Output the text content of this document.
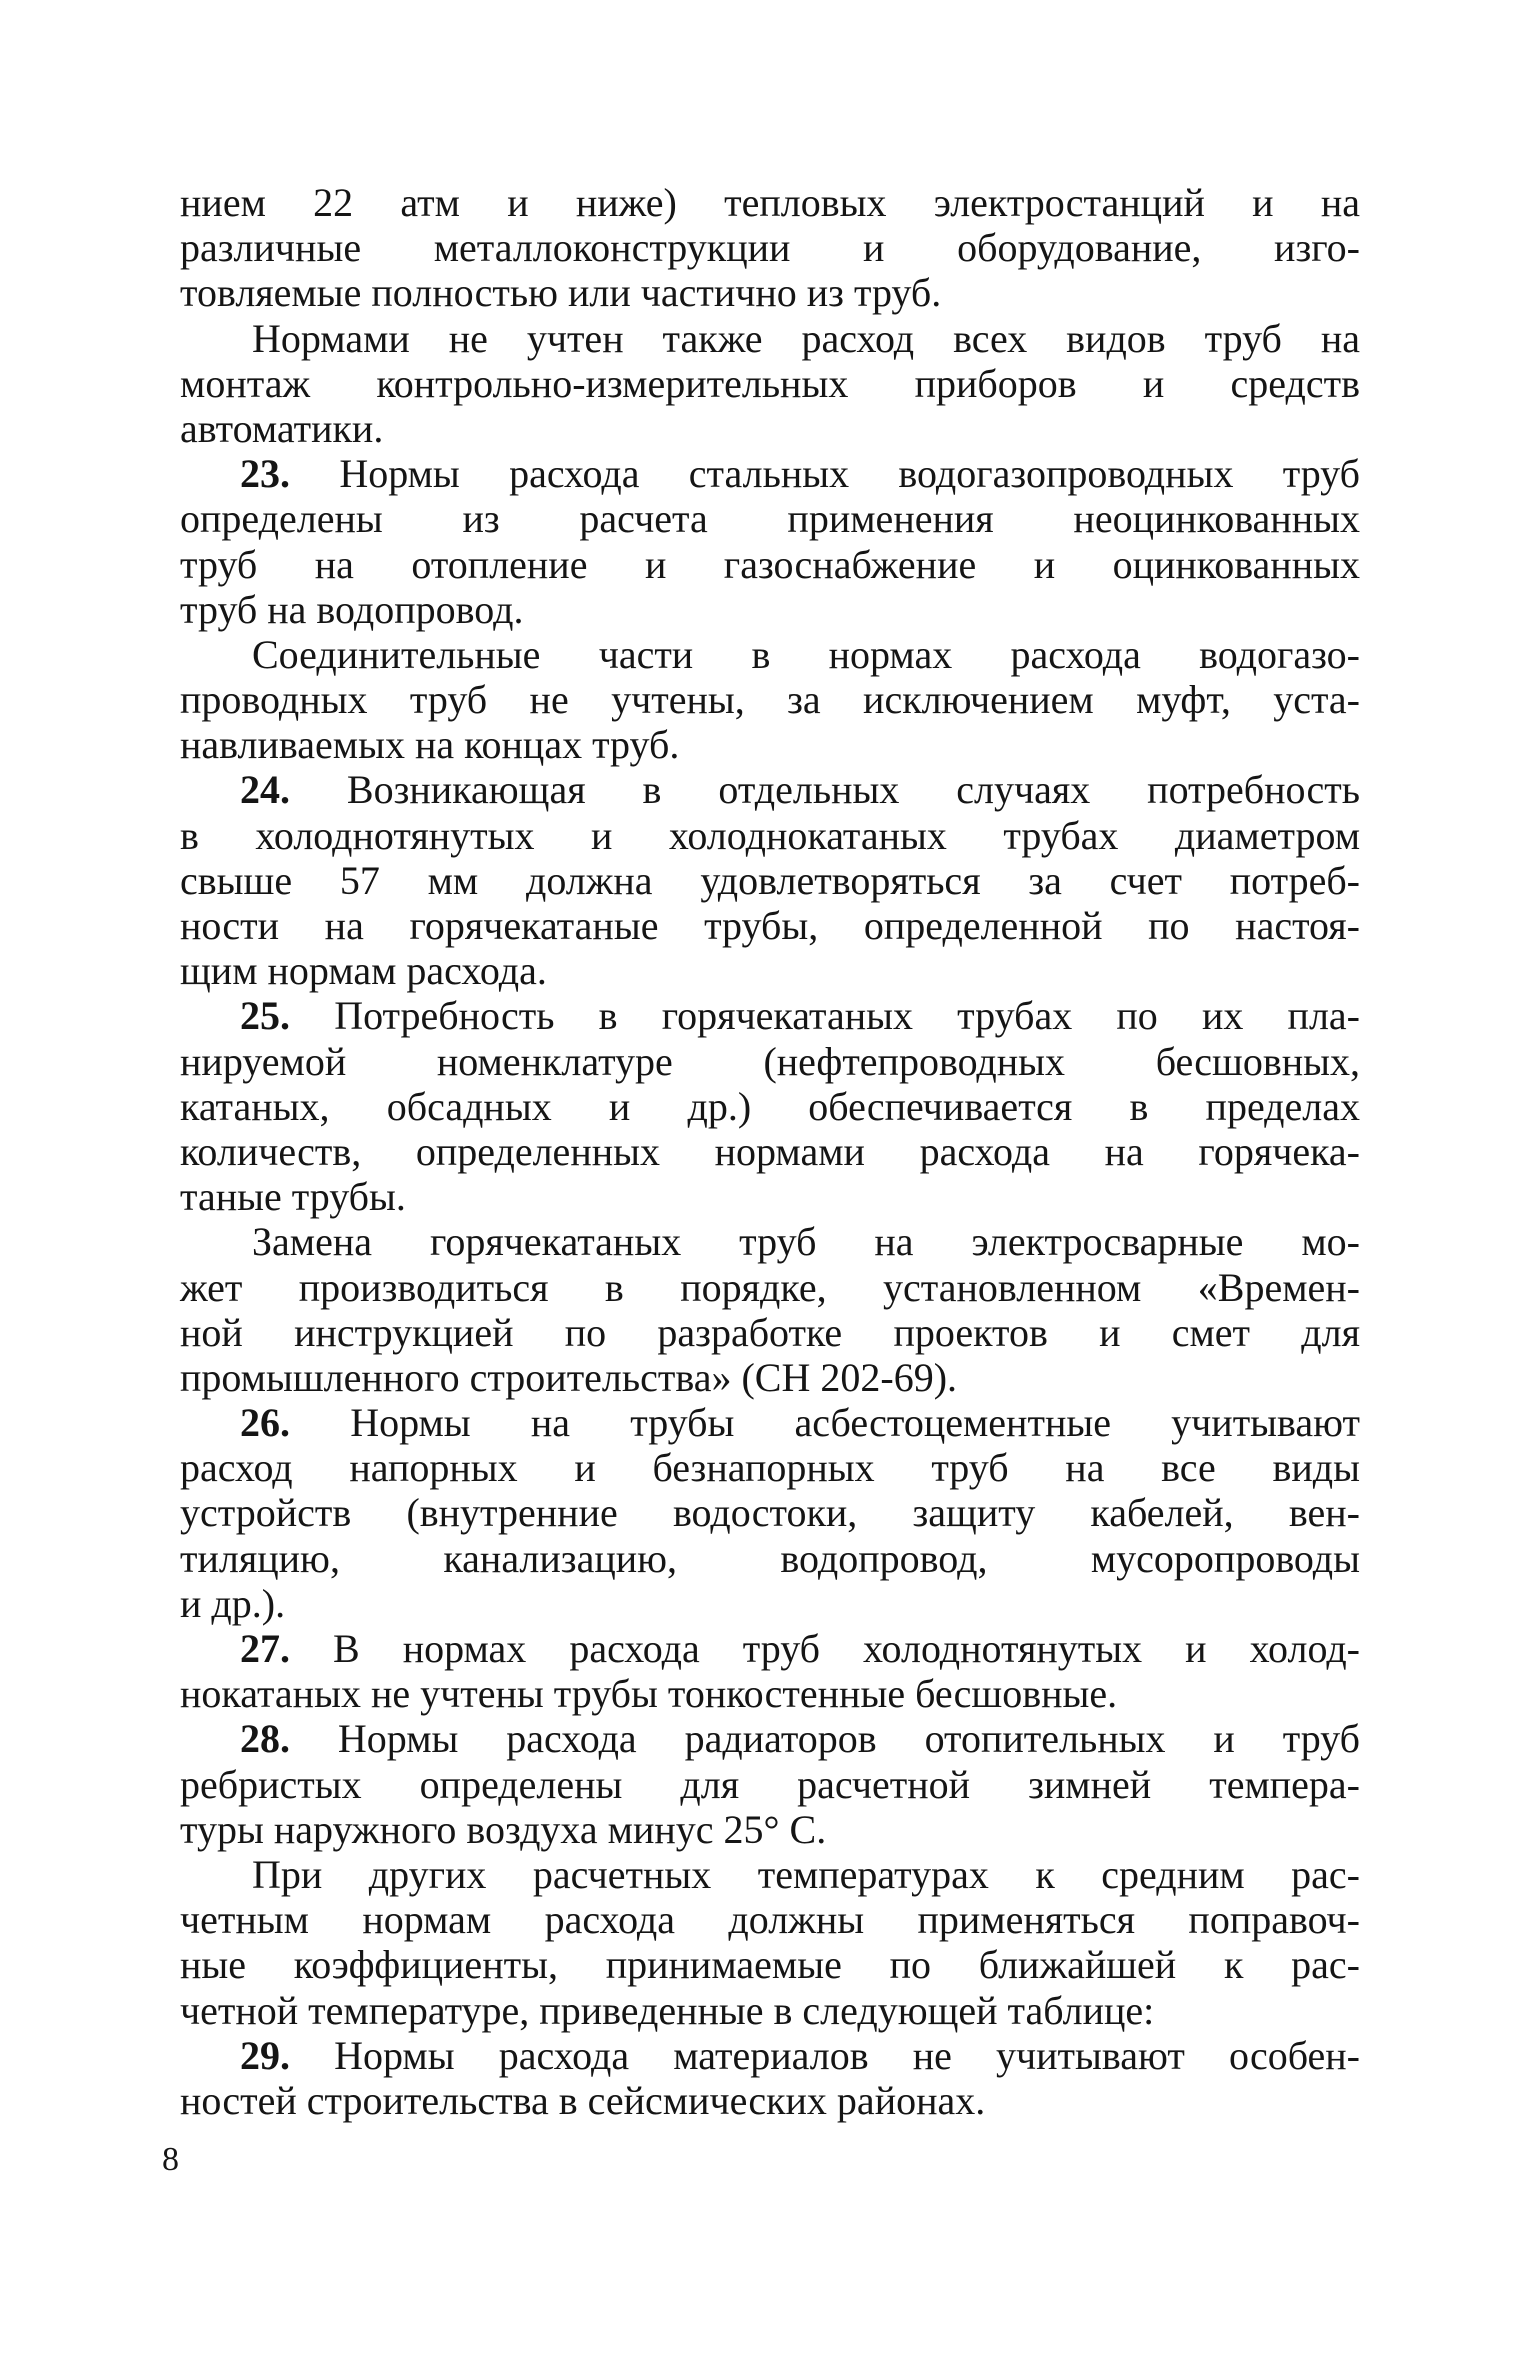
нием 22 атм и ниже) тепловых электростанций и на
различные металлоконструкции и оборудование, изго-
товляемые полностью или частично из труб.
Нормами не учтен также расход всех видов труб на
монтаж контрольно-измерительных приборов и средств
автоматики.
23. Нормы расхода стальных водогазопроводных труб
определены из расчета применения неоцинкованных
труб на отопление и газоснабжение и оцинкованных
труб на водопровод.
Соединительные части в нормах расхода водогазо-
проводных труб не учтены, за исключением муфт, уста-
навливаемых на концах труб.
24. Возникающая в отдельных случаях потребность
в холоднотянутых и холоднокатаных трубах диаметром
свыше 57 мм должна удовлетворяться за счет потреб-
ности на горячекатаные трубы, определенной по настоя-
щим нормам расхода.
25. Потребность в горячекатаных трубах по их пла-
нируемой номенклатуре (нефтепроводных бесшовных,
катаных, обсадных и др.) обеспечивается в пределах
количеств, определенных нормами расхода на горячека-
таные трубы.
Замена горячекатаных труб на электросварные мо-
жет производиться в порядке, установленном «Времен-
ной инструкцией по разработке проектов и смет для
промышленного строительства» (СН 202-69).
26. Нормы на трубы асбестоцементные учитывают
расход напорных и безнапорных труб на все виды
устройств (внутренние водостоки, защиту кабелей, вен-
тиляцию, канализацию, водопровод, мусоропроводы
и др.).
27. В нормах расхода труб холоднотянутых и холод-
нокатаных не учтены трубы тонкостенные бесшовные.
28. Нормы расхода радиаторов отопительных и труб
ребристых определены для расчетной зимней темпера-
туры наружного воздуха минус 25° С.
При других расчетных температурах к средним рас-
четным нормам расхода должны применяться поправоч-
ные коэффициенты, принимаемые по ближайшей к рас-
четной температуре, приведенные в следующей таблице:
29. Нормы расхода материалов не учитывают особен-
ностей строительства в сейсмических районах.
8
